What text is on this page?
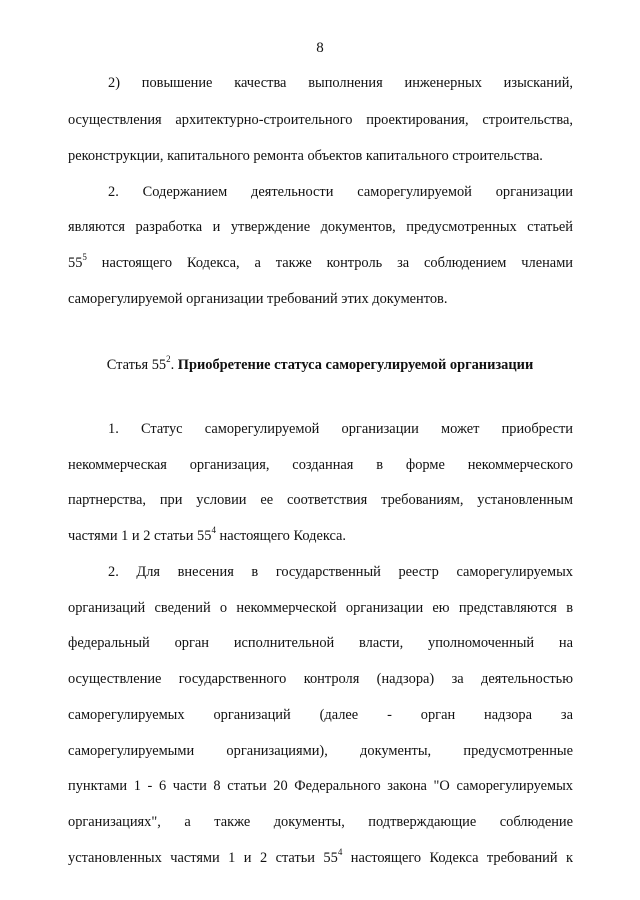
8
2) повышение качества выполнения инженерных изысканий,
осуществления архитектурно-строительного проектирования, строительства,
реконструкции, капитального ремонта объектов капитального строительства.
2. Содержанием деятельности саморегулируемой организации
являются разработка и утверждение документов, предусмотренных статьей
$55^5$ настоящего Кодекса, а также контроль за соблюдением членами
саморегулируемой организации требований этих документов.
Статья $55^2$. Приобретение статуса саморегулируемой организации
1. Статус саморегулируемой организации может приобрести
некоммерческая организация, созданная в форме некоммерческого
партнерства, при условии ее соответствия требованиям, установленным
частями 1 и 2 статьи $55^4$ настоящего Кодекса.
2. Для внесения в государственный реестр саморегулируемых
организаций сведений о некоммерческой организации ею представляются в
федеральный орган исполнительной власти, уполномоченный на
осуществление государственного контроля (надзора) за деятельностью
саморегулируемых организаций (далее - орган надзора за
саморегулируемыми организациями), документы, предусмотренные
пунктами 1 - 6 части 8 статьи 20 Федерального закона "О саморегулируемых
организациях", а также документы, подтверждающие соблюдение
установленных частями 1 и 2 статьи $55^4$ настоящего Кодекса требований к
